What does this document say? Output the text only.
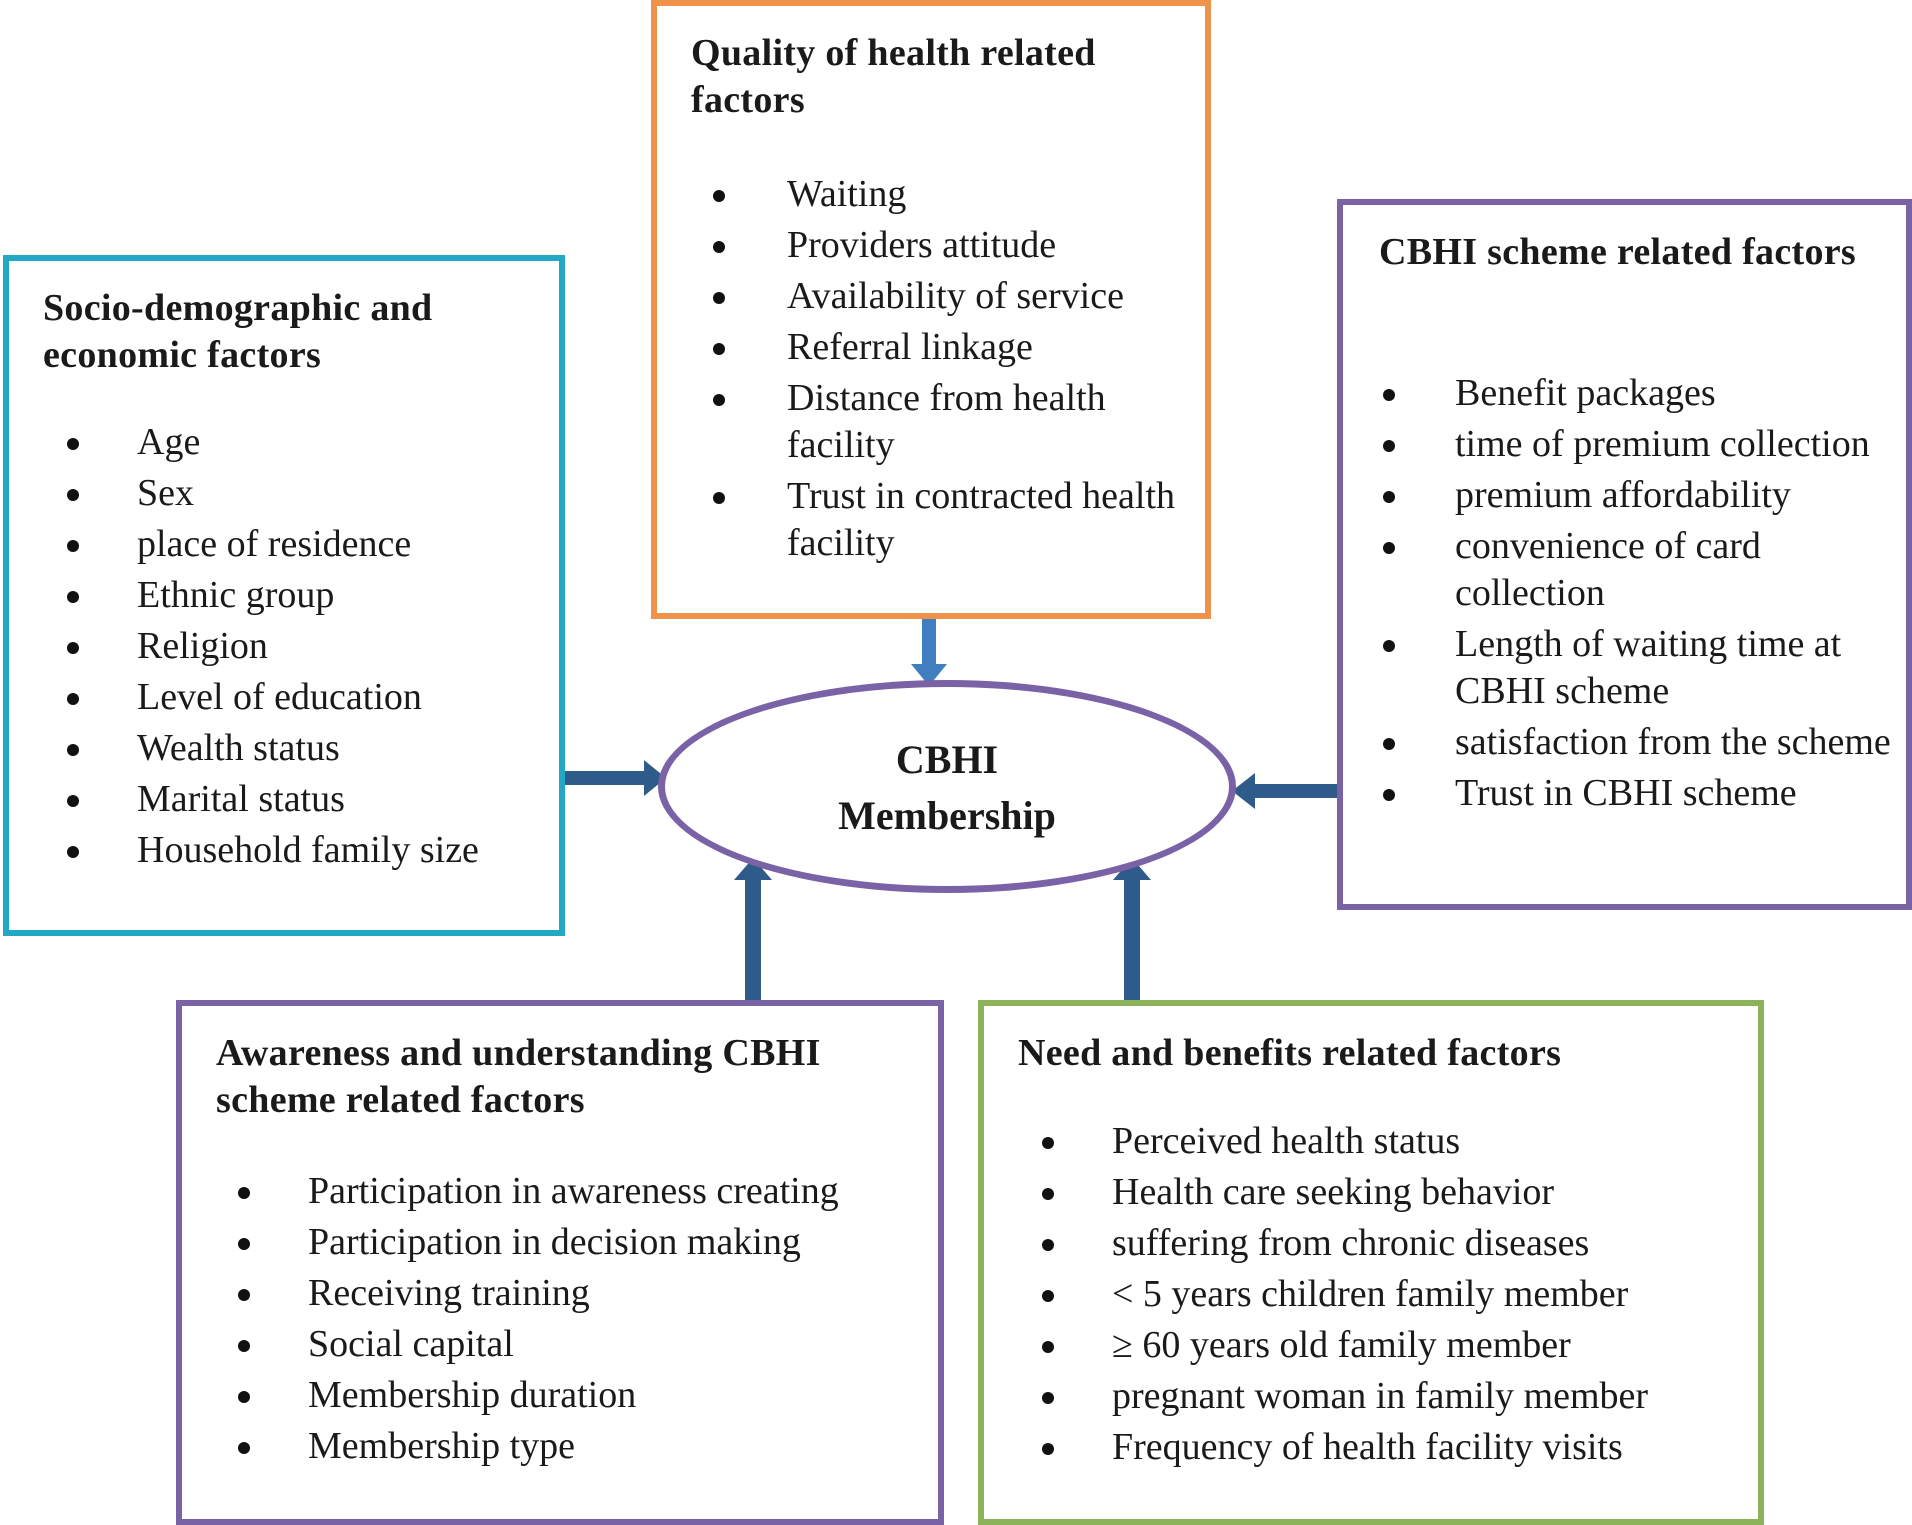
Socio-demographic and economic factors

Age
Sex
place of residence
Ethnic group
Religion
Level of education
Wealth status
Marital status
Household family size

Quality of health related factors

Waiting
Providers attitude
Availability of service
Referral linkage
Distance from health facility
Trust in contracted health facility

CBHI scheme related factors

Benefit packages
time of premium collection
premium affordability
convenience of card collection
Length of waiting time at CBHI scheme
satisfaction from the scheme
Trust in CBHI scheme

Awareness and understanding CBHI scheme related factors

Participation in awareness creating
Participation in decision making
Receiving training
Social capital
Membership duration
Membership type

Need and benefits related factors

Perceived health status
Health care seeking behavior
suffering from chronic diseases
< 5 years children family member
≥ 60 years old family member
pregnant woman in family member
Frequency of health facility visits
CBHI
Membership
